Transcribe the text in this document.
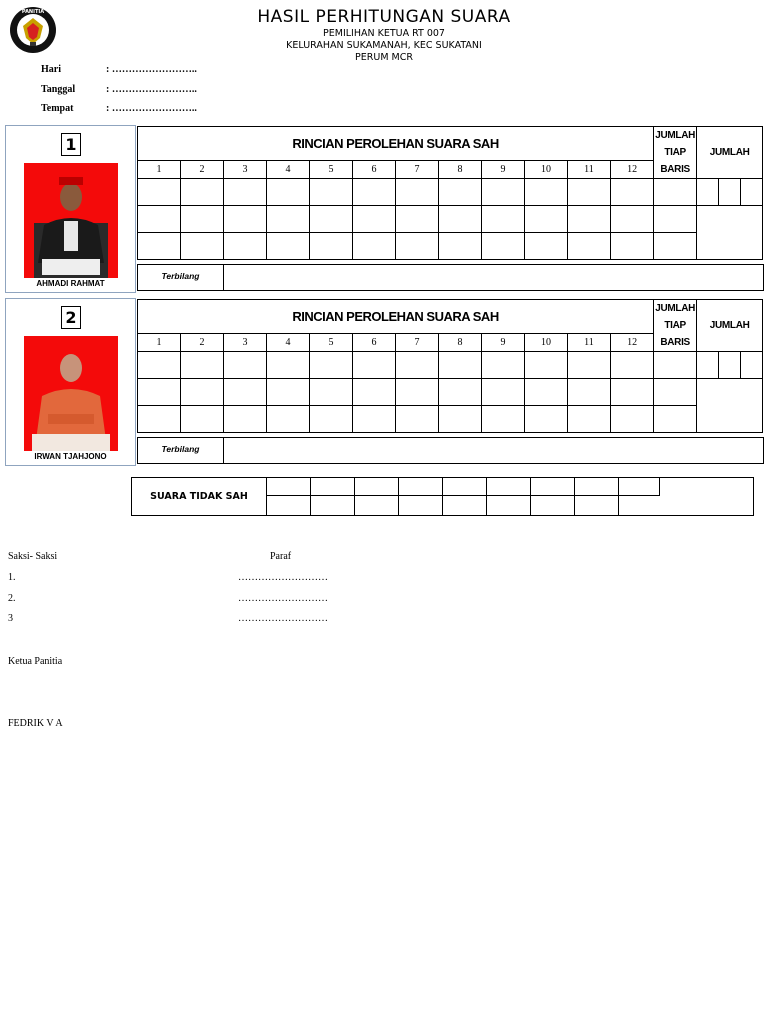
PANITIA	HASIL PERHITUNGAN SUARA
PEMILIHAN KETUA RT 007
KELURAHAN SUKAMANAH, KEC SUKATANI
PERUM MCR
Hari	: ……………………..
Tanggal	: ……………………..
Tempat	: ……………………..
1
AHMADI RAHMAT
RINCIAN PEROLEHAN SUARA SAH												JUMLAH
TIAP
BARIS	JUMLAH		
1	2	3	4	5	6	7	8	9	10	11	12				

Terbilang
2
IRWAN TJAHJONO
RINCIAN PEROLEHAN SUARA SAH												JUMLAH
TIAP
BARIS	JUMLAH		
1	2	3	4	5	6	7	8	9	10	11	12				

Terbilang
SUARA TIDAK SAH
Saksi- Saksi	Paraf
1.	………………………
2.	………………………
3	………………………
Ketua Panitia
FEDRIK V A
